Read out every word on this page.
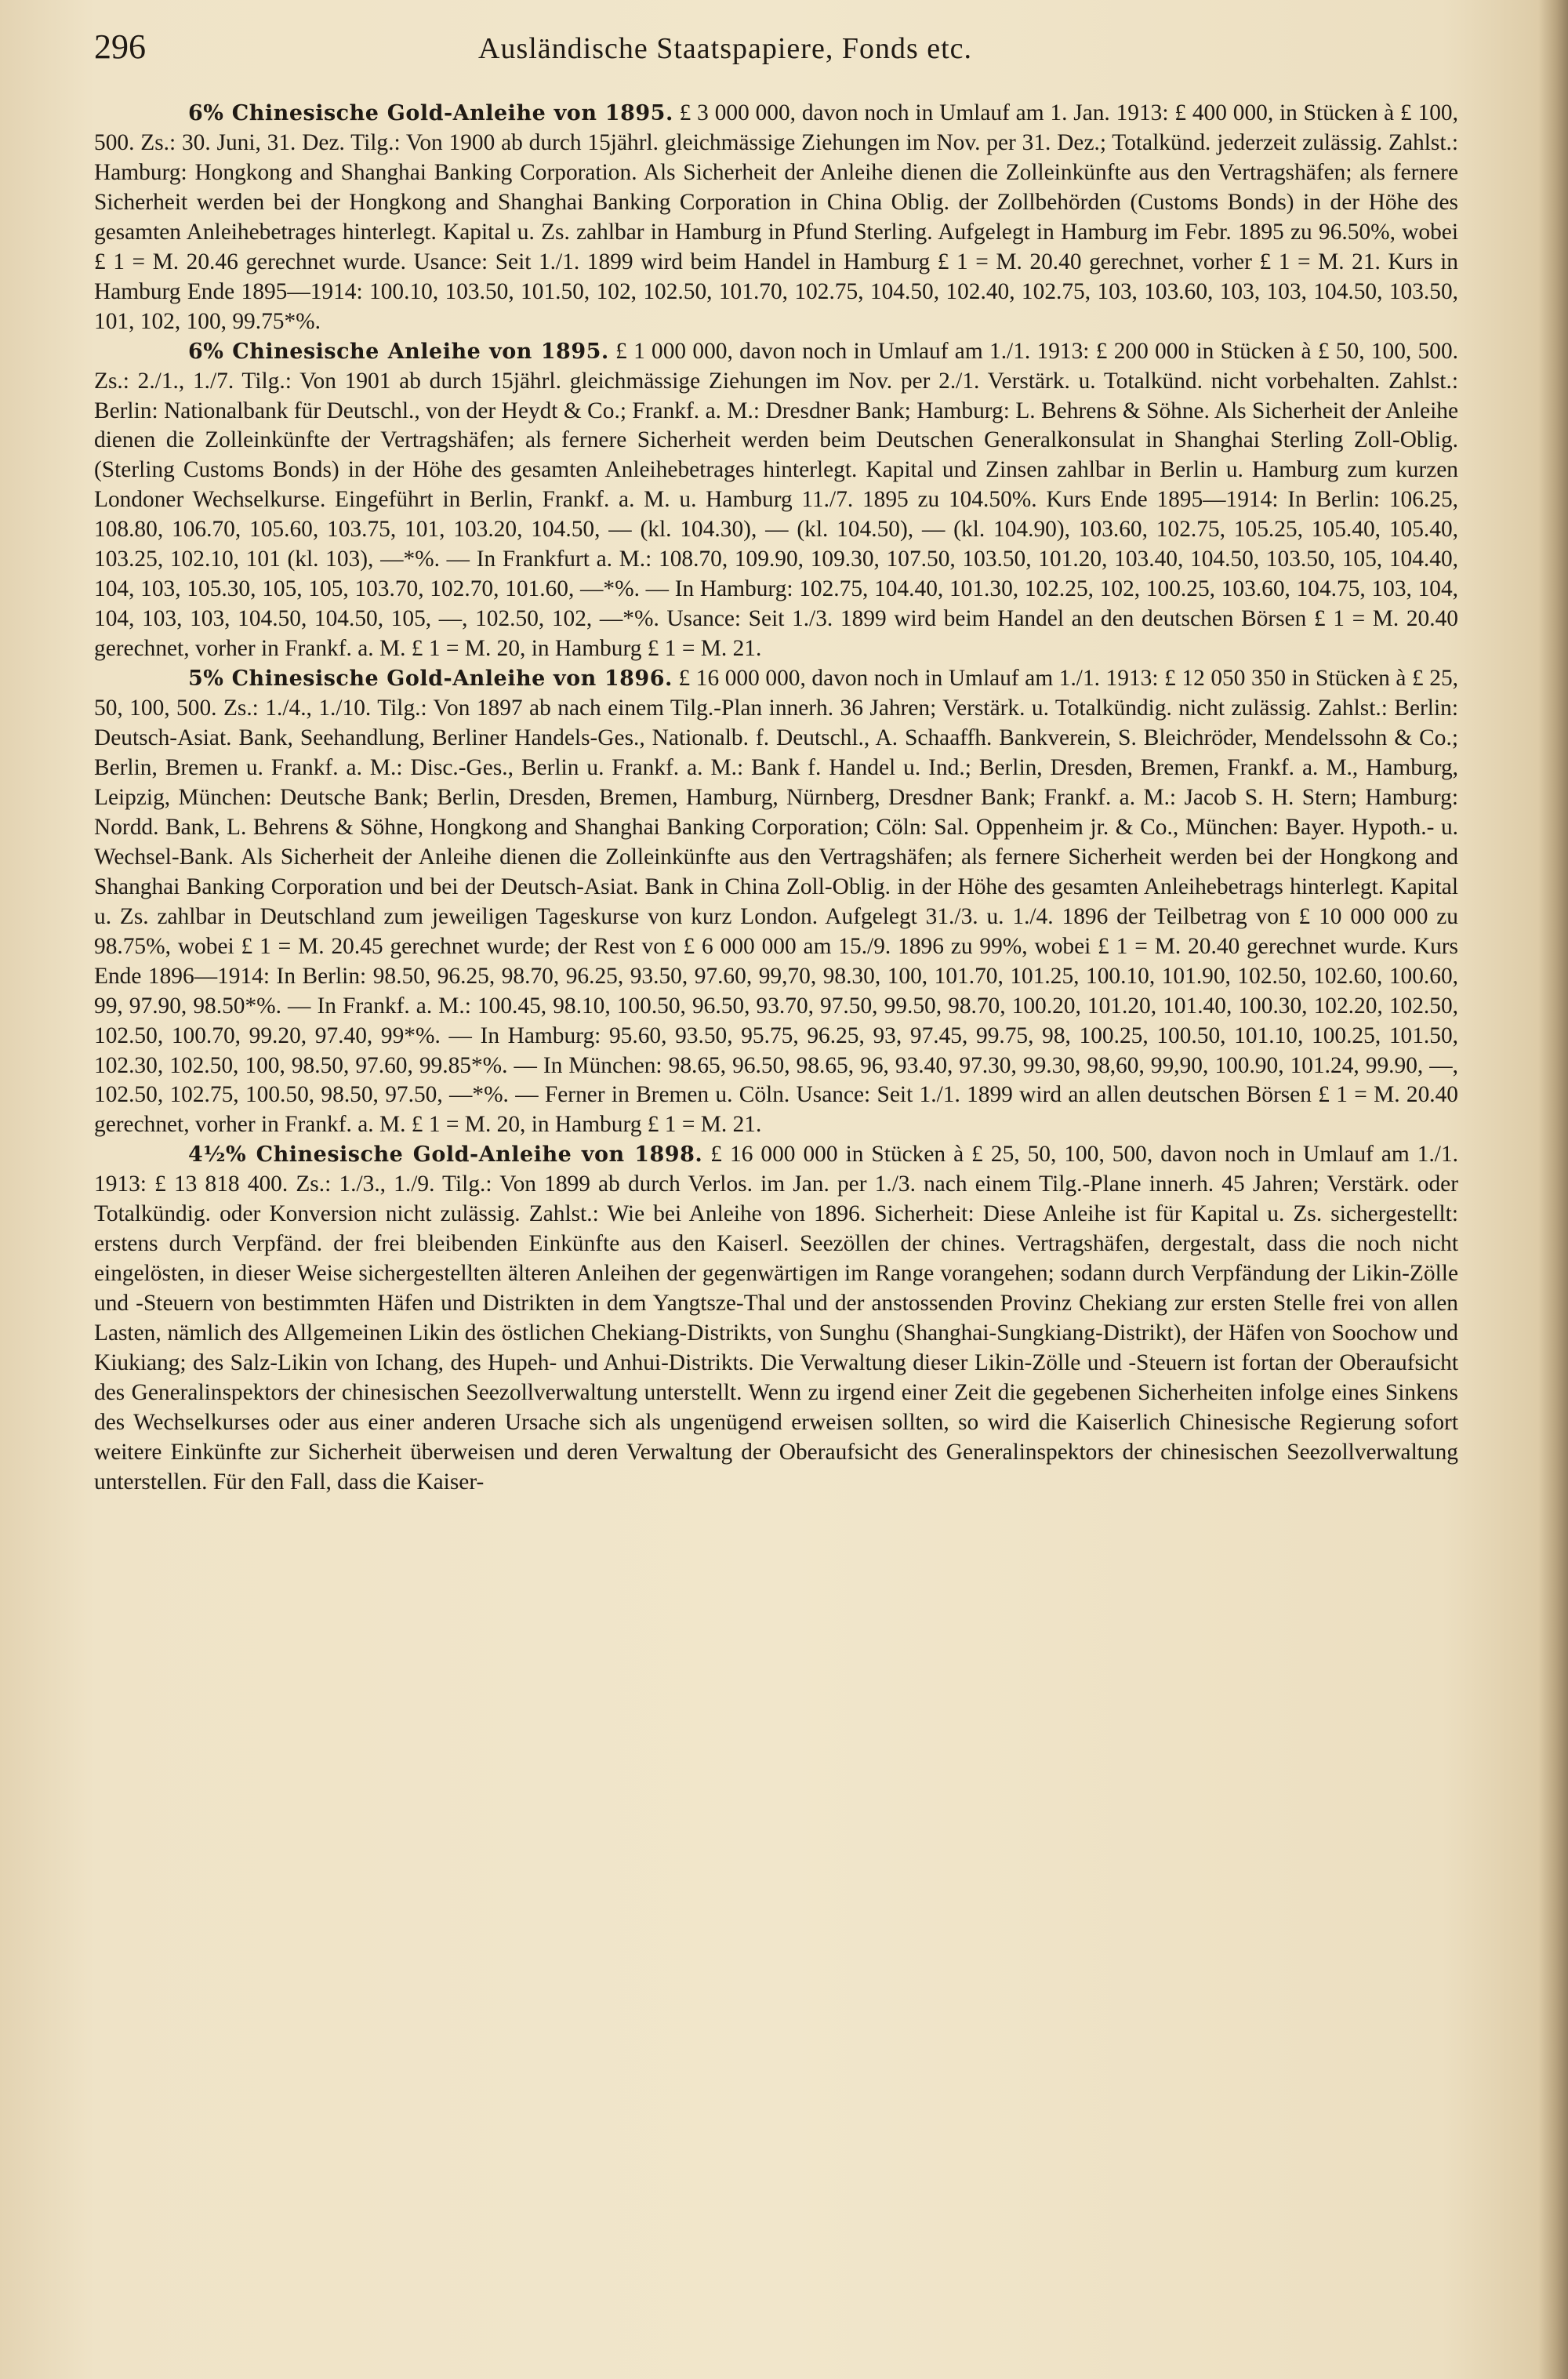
296	Ausländische Staatspapiere, Fonds etc.

6% Chinesische Gold-Anleihe von 1895. £ 3 000 000, davon noch in Umlauf am 1. Jan. 1913: £ 400 000, in Stücken à £ 100, 500. Zs.: 30. Juni, 31. Dez. Tilg.: Von 1900 ab durch 15jährl. gleichmässige Ziehungen im Nov. per 31. Dez.; Totalkünd. jederzeit zulässig. Zahlst.: Hamburg: Hongkong and Shanghai Banking Corporation. Als Sicherheit der Anleihe dienen die Zolleinkünfte aus den Vertragshäfen; als fernere Sicherheit werden bei der Hongkong and Shanghai Banking Corporation in China Oblig. der Zollbehörden (Customs Bonds) in der Höhe des gesamten Anleihebetrages hinterlegt. Kapital u. Zs. zahlbar in Hamburg in Pfund Sterling. Aufgelegt in Hamburg im Febr. 1895 zu 96.50%, wobei £ 1 = M. 20.46 gerechnet wurde. Usance: Seit 1./1. 1899 wird beim Handel in Hamburg £ 1 = M. 20.40 gerechnet, vorher £ 1 = M. 21. Kurs in Hamburg Ende 1895—1914: 100.10, 103.50, 101.50, 102, 102.50, 101.70, 102.75, 104.50, 102.40, 102.75, 103, 103.60, 103, 103, 104.50, 103.50, 101, 102, 100, 99.75*%.

6% Chinesische Anleihe von 1895. £ 1 000 000, davon noch in Umlauf am 1./1. 1913: £ 200 000 in Stücken à £ 50, 100, 500. Zs.: 2./1., 1./7. Tilg.: Von 1901 ab durch 15jährl. gleichmässige Ziehungen im Nov. per 2./1. Verstärk. u. Totalkünd. nicht vorbehalten. Zahlst.: Berlin: Nationalbank für Deutschl., von der Heydt & Co.; Frankf. a. M.: Dresdner Bank; Hamburg: L. Behrens & Söhne. Als Sicherheit der Anleihe dienen die Zolleinkünfte der Vertragshäfen; als fernere Sicherheit werden beim Deutschen Generalkonsulat in Shanghai Sterling Zoll-Oblig. (Sterling Customs Bonds) in der Höhe des gesamten Anleihebetrages hinterlegt. Kapital und Zinsen zahlbar in Berlin u. Hamburg zum kurzen Londoner Wechselkurse. Eingeführt in Berlin, Frankf. a. M. u. Hamburg 11./7. 1895 zu 104.50%. Kurs Ende 1895—1914: In Berlin: 106.25, 108.80, 106.70, 105.60, 103.75, 101, 103.20, 104.50, — (kl. 104.30), — (kl. 104.50), — (kl. 104.90), 103.60, 102.75, 105.25, 105.40, 105.40, 103.25, 102.10, 101 (kl. 103), —*%. — In Frankfurt a. M.: 108.70, 109.90, 109.30, 107.50, 103.50, 101.20, 103.40, 104.50, 103.50, 105, 104.40, 104, 103, 105.30, 105, 105, 103.70, 102.70, 101.60, —*%. — In Hamburg: 102.75, 104.40, 101.30, 102.25, 102, 100.25, 103.60, 104.75, 103, 104, 104, 103, 103, 104.50, 104.50, 105, —, 102.50, 102, —*%. Usance: Seit 1./3. 1899 wird beim Handel an den deutschen Börsen £ 1 = M. 20.40 gerechnet, vorher in Frankf. a. M. £ 1 = M. 20, in Hamburg £ 1 = M. 21.

5% Chinesische Gold-Anleihe von 1896. £ 16 000 000, davon noch in Umlauf am 1./1. 1913: £ 12 050 350 in Stücken à £ 25, 50, 100, 500. Zs.: 1./4., 1./10. Tilg.: Von 1897 ab nach einem Tilg.-Plan innerh. 36 Jahren; Verstärk. u. Totalkündig. nicht zulässig. Zahlst.: Berlin: Deutsch-Asiat. Bank, Seehandlung, Berliner Handels-Ges., Nationalb. f. Deutschl., A. Schaaffh. Bankverein, S. Bleichröder, Mendelssohn & Co.; Berlin, Bremen u. Frankf. a. M.: Disc.-Ges., Berlin u. Frankf. a. M.: Bank f. Handel u. Ind.; Berlin, Dresden, Bremen, Frankf. a. M., Hamburg, Leipzig, München: Deutsche Bank; Berlin, Dresden, Bremen, Hamburg, Nürnberg, Dresdner Bank; Frankf. a. M.: Jacob S. H. Stern; Hamburg: Nordd. Bank, L. Behrens & Söhne, Hongkong and Shanghai Banking Corporation; Cöln: Sal. Oppenheim jr. & Co., München: Bayer. Hypoth.- u. Wechsel-Bank. Als Sicherheit der Anleihe dienen die Zolleinkünfte aus den Vertragshäfen; als fernere Sicherheit werden bei der Hongkong and Shanghai Banking Corporation und bei der Deutsch-Asiat. Bank in China Zoll-Oblig. in der Höhe des gesamten Anleihebetrags hinterlegt. Kapital u. Zs. zahlbar in Deutschland zum jeweiligen Tageskurse von kurz London. Aufgelegt 31./3. u. 1./4. 1896 der Teilbetrag von £ 10 000 000 zu 98.75%, wobei £ 1 = M. 20.45 gerechnet wurde; der Rest von £ 6 000 000 am 15./9. 1896 zu 99%, wobei £ 1 = M. 20.40 gerechnet wurde. Kurs Ende 1896—1914: In Berlin: 98.50, 96.25, 98.70, 96.25, 93.50, 97.60, 99,70, 98.30, 100, 101.70, 101.25, 100.10, 101.90, 102.50, 102.60, 100.60, 99, 97.90, 98.50*%. — In Frankf. a. M.: 100.45, 98.10, 100.50, 96.50, 93.70, 97.50, 99.50, 98.70, 100.20, 101.20, 101.40, 100.30, 102.20, 102.50, 102.50, 100.70, 99.20, 97.40, 99*%. — In Hamburg: 95.60, 93.50, 95.75, 96.25, 93, 97.45, 99.75, 98, 100.25, 100.50, 101.10, 100.25, 101.50, 102.30, 102.50, 100, 98.50, 97.60, 99.85*%. — In München: 98.65, 96.50, 98.65, 96, 93.40, 97.30, 99.30, 98,60, 99,90, 100.90, 101.24, 99.90, —, 102.50, 102.75, 100.50, 98.50, 97.50, —*%. — Ferner in Bremen u. Cöln. Usance: Seit 1./1. 1899 wird an allen deutschen Börsen £ 1 = M. 20.40 gerechnet, vorher in Frankf. a. M. £ 1 = M. 20, in Hamburg £ 1 = M. 21.

4½% Chinesische Gold-Anleihe von 1898. £ 16 000 000 in Stücken à £ 25, 50, 100, 500, davon noch in Umlauf am 1./1. 1913: £ 13 818 400. Zs.: 1./3., 1./9. Tilg.: Von 1899 ab durch Verlos. im Jan. per 1./3. nach einem Tilg.-Plane innerh. 45 Jahren; Verstärk. oder Totalkündig. oder Konversion nicht zulässig. Zahlst.: Wie bei Anleihe von 1896. Sicherheit: Diese Anleihe ist für Kapital u. Zs. sichergestellt: erstens durch Verpfänd. der frei bleibenden Einkünfte aus den Kaiserl. Seezöllen der chines. Vertragshäfen, dergestalt, dass die noch nicht eingelösten, in dieser Weise sichergestellten älteren Anleihen der gegenwärtigen im Range vorangehen; sodann durch Verpfändung der Likin-Zölle und -Steuern von bestimmten Häfen und Distrikten in dem Yangtsze-Thal und der anstossenden Provinz Chekiang zur ersten Stelle frei von allen Lasten, nämlich des Allgemeinen Likin des östlichen Chekiang-Distrikts, von Sunghu (Shanghai-Sungkiang-Distrikt), der Häfen von Soochow und Kiukiang; des Salz-Likin von Ichang, des Hupeh- und Anhui-Distrikts. Die Verwaltung dieser Likin-Zölle und -Steuern ist fortan der Oberaufsicht des Generalinspektors der chinesischen Seezollverwaltung unterstellt. Wenn zu irgend einer Zeit die gegebenen Sicherheiten infolge eines Sinkens des Wechselkurses oder aus einer anderen Ursache sich als ungenügend erweisen sollten, so wird die Kaiserlich Chinesische Regierung sofort weitere Einkünfte zur Sicherheit überweisen und deren Verwaltung der Oberaufsicht des Generalinspektors der chinesischen Seezollverwaltung unterstellen. Für den Fall, dass die Kaiser-
